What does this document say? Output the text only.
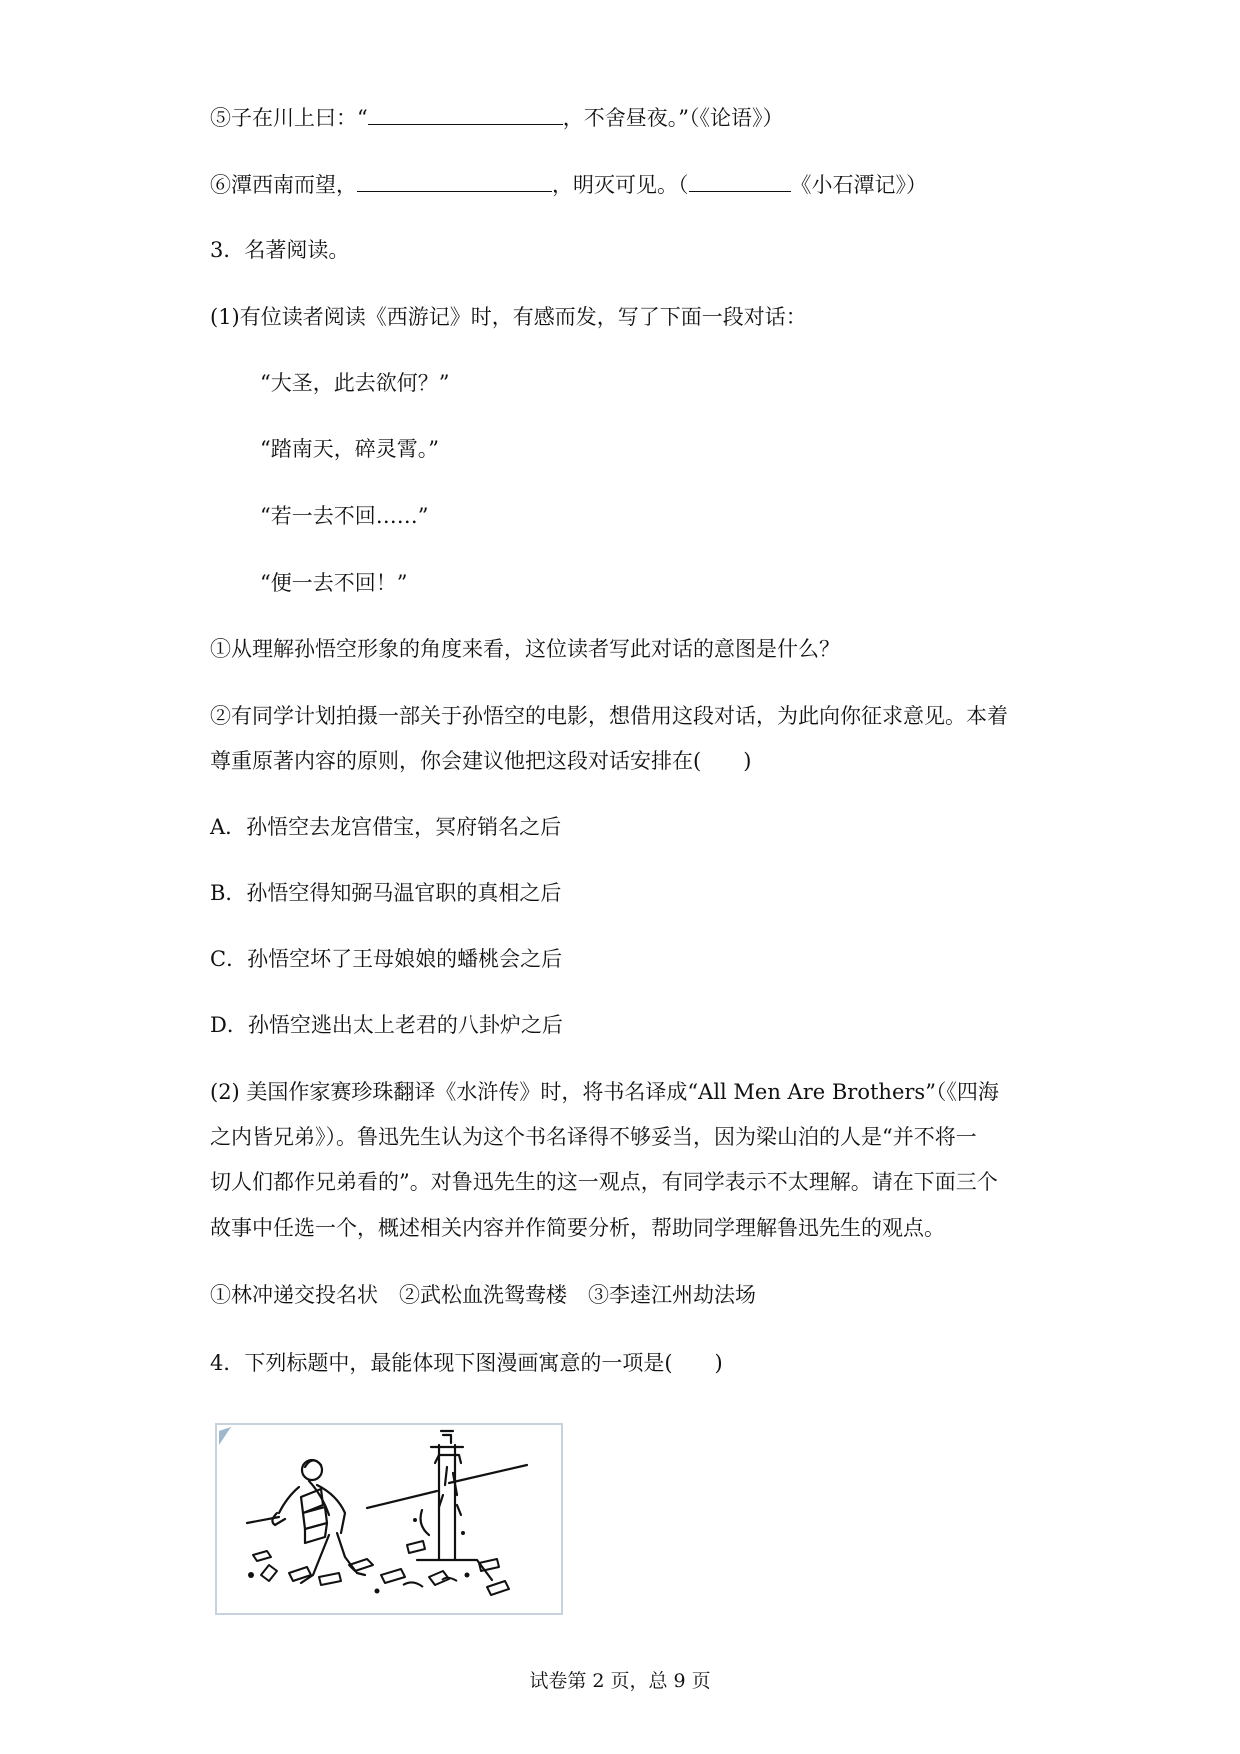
⑤子在川上曰：“	，不舍昼夜。”（《论语》）
⑥潭西南而望，	，明灭可见。（	《小石潭记》）
3．名著阅读。
(1)有位读者阅读《西游记》时，有感而发，写了下面一段对话：
“大圣，此去欲何？”
“踏南天，碎灵霄。”
“若一去不回……”
“便一去不回！”
①从理解孙悟空形象的角度来看，这位读者写此对话的意图是什么？
②有同学计划拍摄一部关于孙悟空的电影，想借用这段对话，为此向你征求意见。本着
尊重原著内容的原则，你会建议他把这段对话安排在(　　)
A．孙悟空去龙宫借宝，冥府销名之后
B．孙悟空得知弼马温官职的真相之后
C．孙悟空坏了王母娘娘的蟠桃会之后
D．孙悟空逃出太上老君的八卦炉之后
(2) 美国作家赛珍珠翻译《水浒传》时，将书名译成“All Men Are Brothers”（《四海
之内皆兄弟》）。鲁迅先生认为这个书名译得不够妥当，因为梁山泊的人是“并不将一
切人们都作兄弟看的”。对鲁迅先生的这一观点，有同学表示不太理解。请在下面三个
故事中任选一个，概述相关内容并作简要分析，帮助同学理解鲁迅先生的观点。
①林冲递交投名状　②武松血洗鸳鸯楼　③李逵江州劫法场
4．下列标题中，最能体现下图漫画寓意的一项是(　　)
试卷第 2 页，总 9 页
